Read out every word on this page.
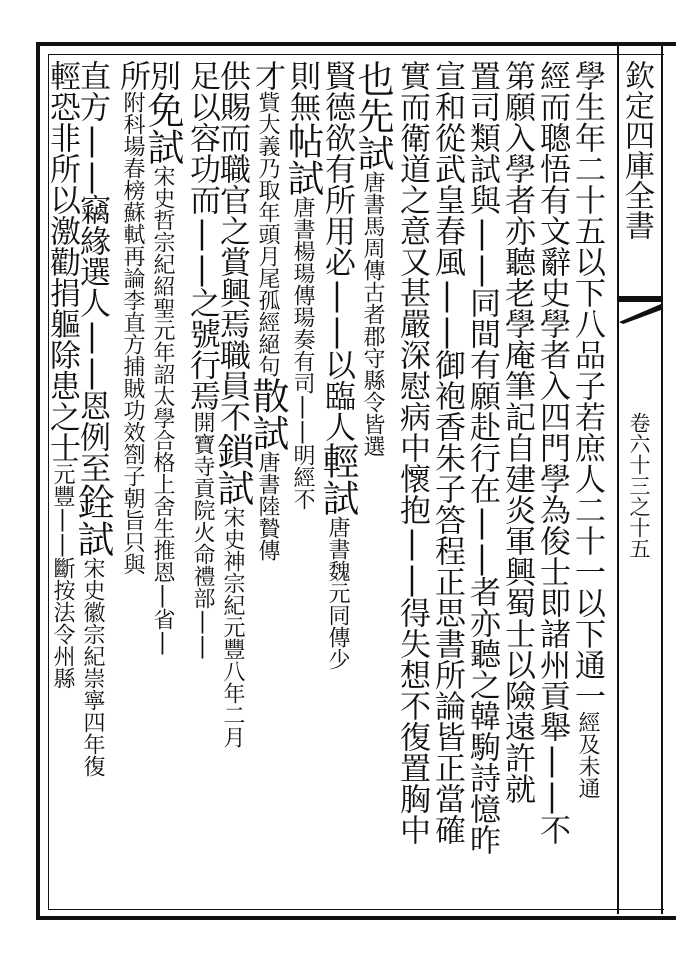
欽定四庫全書
卷六十三之十五
學生年二十五以下八品子若庶人二十一以下通一經及未通
經而聰悟有文辭史學者入四門學為俊士即諸州貢舉||不
第願入學者亦聽老學庵筆記自建炎軍興蜀士以險遠許就
置司類試與||同間有願赴行在||者亦聽之韓駒詩憶昨
宣和從武皇春風||御袍香朱子答程正思書所論皆正當確
實而衛道之意又甚嚴深慰病中懷抱||得失想不復置胸中
也先試唐書馬周傳古者郡守縣令皆選
賢德欲有所用必||以臨人輕試唐書魏元同傳少
則無帖試唐書楊瑒傳瑒奏有司||明經不
才貲大義乃取年頭月尾孤經絕句散試唐書陸贄傳
供賜而職官之賞興焉職員不鎖試宋史神宗紀元豐八年二月
足以容功而||之號行焉開寶寺貢院火命禮部||
別免試宋史哲宗紀紹聖元年詔太學合格上舍生推恩|省|
所附科場春榜蘇軾再論李直方捕賊功效劄子朝旨只與
直方||竊緣選人||恩例至銓試宋史徽宗紀崇寧四年復
輕恐非所以激勸捐軀除患之士元豐||斷按法令州縣
